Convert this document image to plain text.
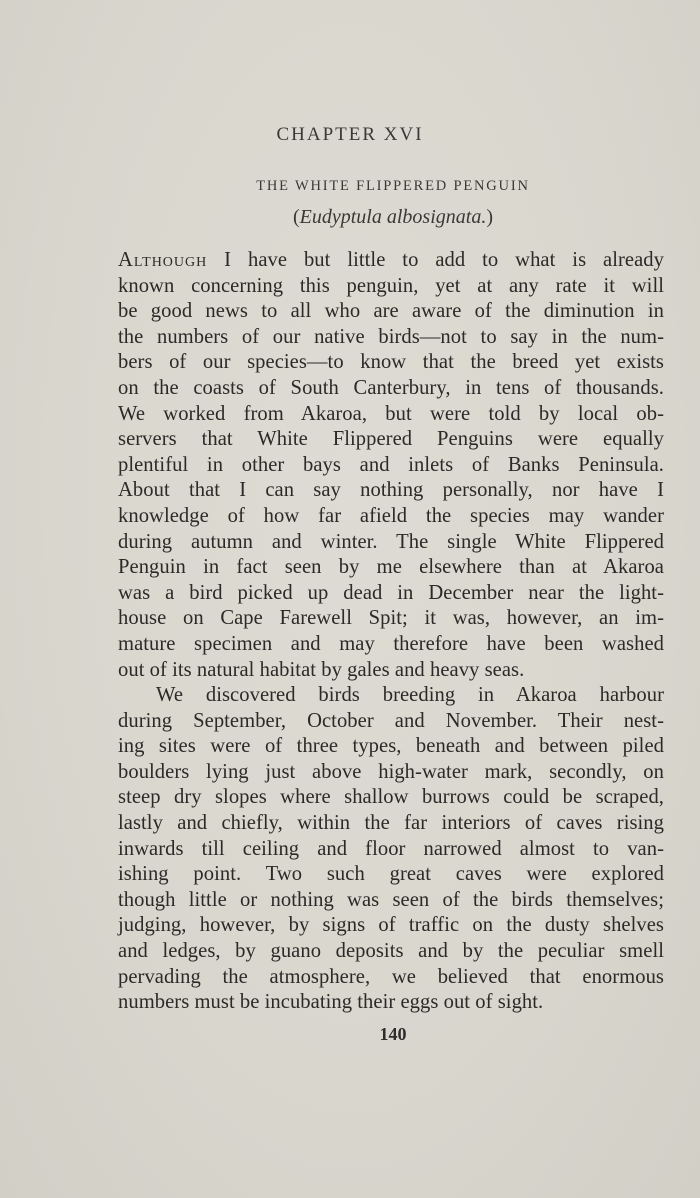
CHAPTER XVI
THE WHITE FLIPPERED PENGUIN
(Eudyptula albosignata.)
Although I have but little to add to what is already
known concerning this penguin, yet at any rate it will
be good news to all who are aware of the diminution in
the numbers of our native birds—not to say in the num-
bers of our species—to know that the breed yet exists
on the coasts of South Canterbury, in tens of thousands.
We worked from Akaroa, but were told by local ob-
servers that White Flippered Penguins were equally
plentiful in other bays and inlets of Banks Peninsula.
About that I can say nothing personally, nor have I
knowledge of how far afield the species may wander
during autumn and winter. The single White Flippered
Penguin in fact seen by me elsewhere than at Akaroa
was a bird picked up dead in December near the light-
house on Cape Farewell Spit; it was, however, an im-
mature specimen and may therefore have been washed
out of its natural habitat by gales and heavy seas.
We discovered birds breeding in Akaroa harbour
during September, October and November. Their nest-
ing sites were of three types, beneath and between piled
boulders lying just above high-water mark, secondly, on
steep dry slopes where shallow burrows could be scraped,
lastly and chiefly, within the far interiors of caves rising
inwards till ceiling and floor narrowed almost to van-
ishing point. Two such great caves were explored
though little or nothing was seen of the birds themselves;
judging, however, by signs of traffic on the dusty shelves
and ledges, by guano deposits and by the peculiar smell
pervading the atmosphere, we believed that enormous
numbers must be incubating their eggs out of sight.
140
